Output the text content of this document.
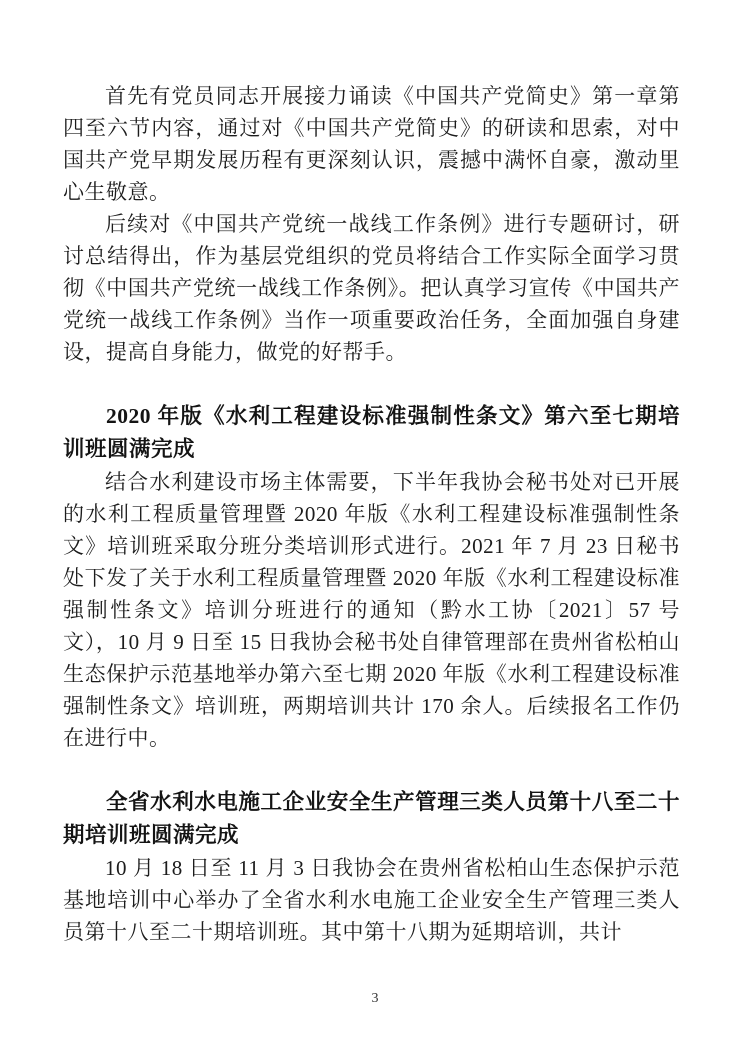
首先有党员同志开展接力诵读《中国共产党简史》第一章第四至六节内容，通过对《中国共产党简史》的研读和思索，对中国共产党早期发展历程有更深刻认识，震撼中满怀自豪，激动里心生敬意。

后续对《中国共产党统一战线工作条例》进行专题研讨，研讨总结得出，作为基层党组织的党员将结合工作实际全面学习贯彻《中国共产党统一战线工作条例》。把认真学习宣传《中国共产党统一战线工作条例》当作一项重要政治任务，全面加强自身建设，提高自身能力，做党的好帮手。

2020 年版《水利工程建设标准强制性条文》第六至七期培训班圆满完成

结合水利建设市场主体需要，下半年我协会秘书处对已开展的水利工程质量管理暨 2020 年版《水利工程建设标准强制性条文》培训班采取分班分类培训形式进行。2021 年 7 月 23 日秘书处下发了关于水利工程质量管理暨 2020 年版《水利工程建设标准强制性条文》培训分班进行的通知（黔水工协〔2021〕57 号文），10 月 9 日至 15 日我协会秘书处自律管理部在贵州省松柏山生态保护示范基地举办第六至七期 2020 年版《水利工程建设标准强制性条文》培训班，两期培训共计 170 余人。后续报名工作仍在进行中。

全省水利水电施工企业安全生产管理三类人员第十八至二十期培训班圆满完成

10 月 18 日至 11 月 3 日我协会在贵州省松柏山生态保护示范基地培训中心举办了全省水利水电施工企业安全生产管理三类人员第十八至二十期培训班。其中第十八期为延期培训，共计

3
